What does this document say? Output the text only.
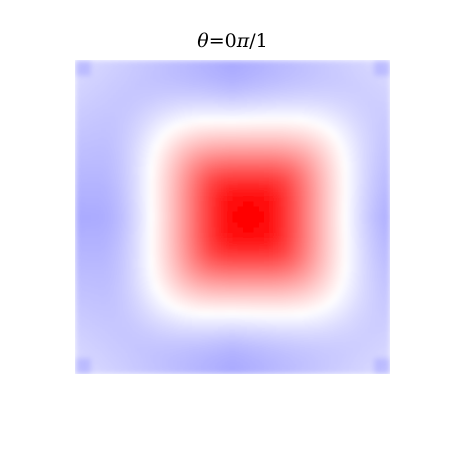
θ=0π/1
